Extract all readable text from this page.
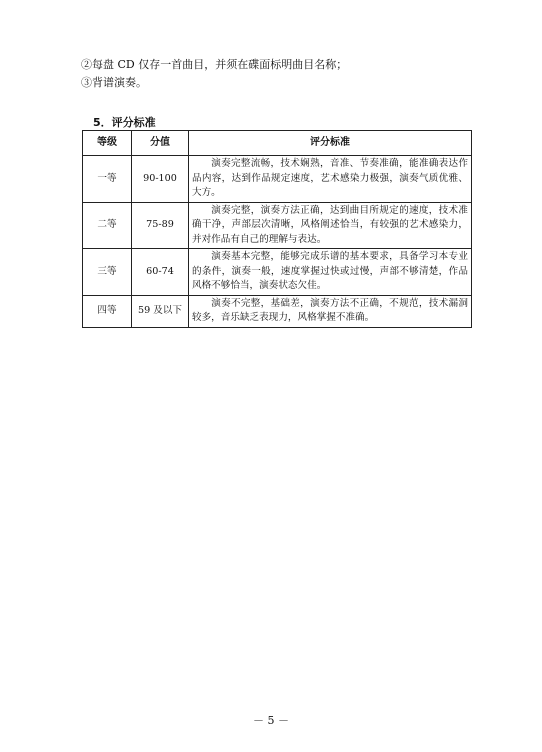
②每盘 CD 仅存一首曲目，并须在碟面标明曲目名称；
③背谱演奏。
5．评分标准
等级	分值	评分标准
一等	90-100	演奏完整流畅，技术娴熟，音准、节奏准确，能准确表达作品内容，达到作品规定速度，艺术感染力极强，演奏气质优雅、大方。
二等	75-89	演奏完整，演奏方法正确，达到曲目所规定的速度，技术准确干净，声部层次清晰，风格阐述恰当，有较强的艺术感染力，并对作品有自己的理解与表达。
三等	60-74	演奏基本完整，能够完成乐谱的基本要求，具备学习本专业的条件，演奏一般，速度掌握过快或过慢，声部不够清楚，作品风格不够恰当，演奏状态欠佳。
四等	59 及以下	演奏不完整，基础差，演奏方法不正确，不规范，技术漏洞较多，音乐缺乏表现力，风格掌握不准确。
－ 5 －
